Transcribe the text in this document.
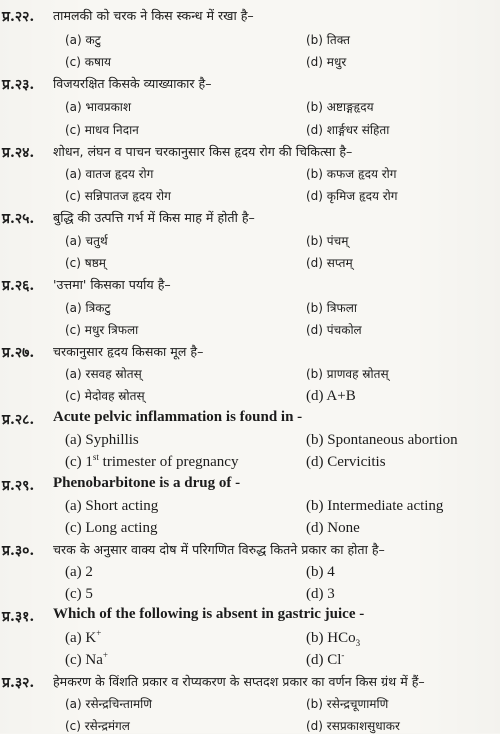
प्र.२२. तामलकी को चरक ने किस स्कन्ध में रखा है–
(a) कटु	(b) तिक्त
(c) कषाय	(d) मधुर
प्र.२३. विजयरक्षित किसके व्याख्याकार है–
(a) भावप्रकाश	(b) अष्टाङ्गहृदय
(c) माधव निदान	(d) शार्ङ्गधर संहिता
प्र.२४. शोधन, लंघन व पाचन चरकानुसार किस हृदय रोग की चिकित्सा है–
(a) वातज हृदय रोग	(b) कफज हृदय रोग
(c) सन्निपातज हृदय रोग	(d) कृमिज हृदय रोग
प्र.२५. बुद्धि की उत्पत्ति गर्भ में किस माह में होती है–
(a) चतुर्थ	(b) पंचम्
(c) षष्ठम्	(d) सप्तम्
प्र.२६. 'उत्तमा' किसका पर्याय है–
(a) त्रिकटु	(b) त्रिफला
(c) मधुर त्रिफला	(d) पंचकोल
प्र.२७. चरकानुसार हृदय किसका मूल है–
(a) रसवह स्रोतस्	(b) प्राणवह स्रोतस्
(c) मेदोवह स्रोतस्	(d) A+B
प्र.२८. Acute pelvic inflammation is found in -
(a) Syphillis	(b) Spontaneous abortion
(c) 1st trimester of pregnancy	(d) Cervicitis
प्र.२९. Phenobarbitone is a drug of -
(a) Short acting	(b) Intermediate acting
(c) Long acting	(d) None
प्र.३०. चरक के अनुसार वाक्य दोष में परिगणित विरुद्ध कितने प्रकार का होता है–
(a) 2	(b) 4
(c) 5	(d) 3
प्र.३१. Which of the following is absent in gastric juice -
(a) K+	(b) HCo$_3$
(c) Na+	(d) Cl-
प्र.३२. हेमकरण के विंशति प्रकार व रोप्यकरण के सप्तदश प्रकार का वर्णन किस ग्रंथ में हैं–
(a) रसेन्द्रचिन्तामणि	(b) रसेन्द्रचूणामणि
(c) रसेन्द्रमंगल	(d) रसप्रकाशसुधाकर
